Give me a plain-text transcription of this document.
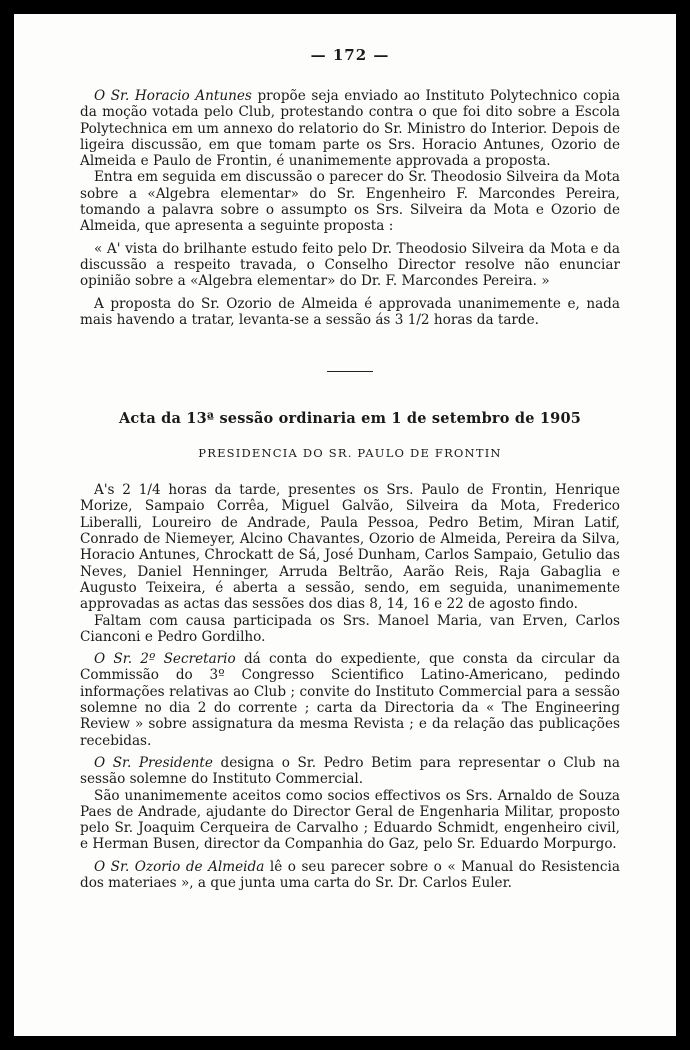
— 172 —

O Sr. Horacio Antunes propõe seja enviado ao Instituto Polytechnico copia da moção votada pelo Club, protestando contra o que foi dito sobre a Escola Polytechnica em um annexo do relatorio do Sr. Ministro do Interior. Depois de ligeira discussão, em que tomam parte os Srs. Horacio Antunes, Ozorio de Almeida e Paulo de Frontin, é unanimemente approvada a proposta.

Entra em seguida em discussão o parecer do Sr. Theodosio Silveira da Mota sobre a «Algebra elementar» do Sr. Engenheiro F. Marcondes Pereira, tomando a palavra sobre o assumpto os Srs. Silveira da Mota e Ozorio de Almeida, que apresenta a seguinte proposta :

« A' vista do brilhante estudo feito pelo Dr. Theodosio Silveira da Mota e da discussão a respeito travada, o Conselho Director resolve não enunciar opinião sobre a «Algebra elementar» do Dr. F. Marcondes Pereira. »

A proposta do Sr. Ozorio de Almeida é approvada unanimemente e, nada mais havendo a tratar, levanta-se a sessão ás 3 1/2 horas da tarde.

Acta da 13ª sessão ordinaria em 1 de setembro de 1905
PRESIDENCIA DO SR. PAULO DE FRONTIN

A's 2 1/4 horas da tarde, presentes os Srs. Paulo de Frontin, Henrique Morize, Sampaio Corrêa, Miguel Galvão, Silveira da Mota, Frederico Liberalli, Loureiro de Andrade, Paula Pessoa, Pedro Betim, Miran Latif, Conrado de Niemeyer, Alcino Chavantes, Ozorio de Almeida, Pereira da Silva, Horacio Antunes, Chrockatt de Sá, José Dunham, Carlos Sampaio, Getulio das Neves, Daniel Henninger, Arruda Beltrão, Aarão Reis, Raja Gabaglia e Augusto Teixeira, é aberta a sessão, sendo, em seguida, unanimemente approvadas as actas das sessões dos dias 8, 14, 16 e 22 de agosto findo.

Faltam com causa participada os Srs. Manoel Maria, van Erven, Carlos Cianconi e Pedro Gordilho.

O Sr. 2º Secretario dá conta do expediente, que consta da circular da Commissão do 3º Congresso Scientifico Latino-Americano, pedindo informações relativas ao Club ; convite do Instituto Commercial para a sessão solemne no dia 2 do corrente ; carta da Directoria da « The Engineering Review » sobre assignatura da mesma Revista ; e da relação das publicações recebidas.

O Sr. Presidente designa o Sr. Pedro Betim para representar o Club na sessão solemne do Instituto Commercial.

São unanimemente aceitos como socios effectivos os Srs. Arnaldo de Souza Paes de Andrade, ajudante do Director Geral de Engenharia Militar, proposto pelo Sr. Joaquim Cerqueira de Carvalho ; Eduardo Schmidt, engenheiro civil, e Herman Busen, director da Companhia do Gaz, pelo Sr. Eduardo Morpurgo.

O Sr. Ozorio de Almeida lê o seu parecer sobre o « Manual do Resistencia dos materiaes », a que junta uma carta do Sr. Dr. Carlos Euler.
